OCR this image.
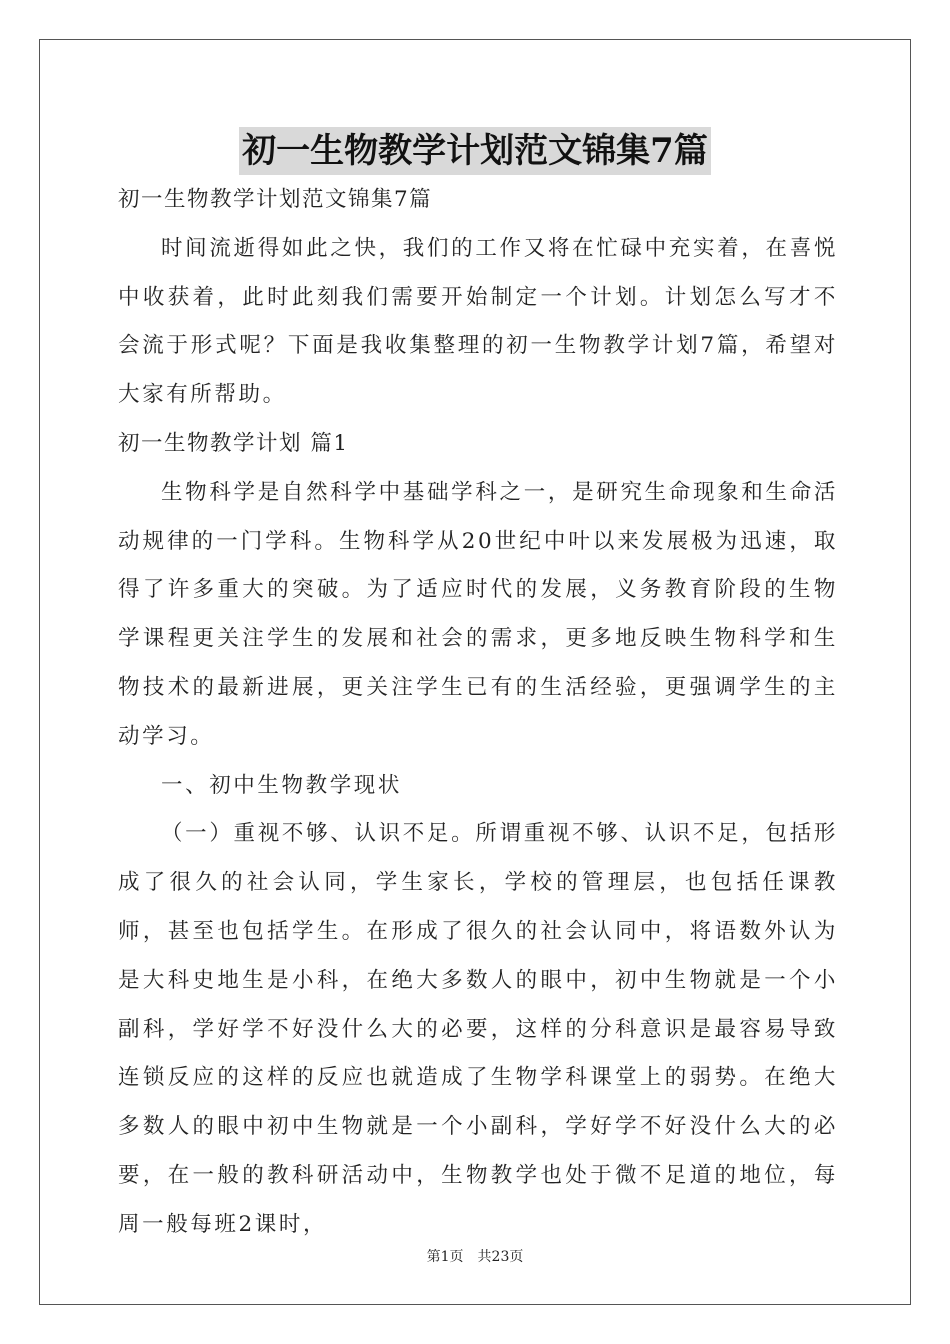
初一生物教学计划范文锦集7篇

初一生物教学计划范文锦集7篇

时间流逝得如此之快，我们的工作又将在忙碌中充实着，在喜悦中收获着，此时此刻我们需要开始制定一个计划。计划怎么写才不会流于形式呢？下面是我收集整理的初一生物教学计划7篇，希望对大家有所帮助。

初一生物教学计划 篇1

生物科学是自然科学中基础学科之一，是研究生命现象和生命活动规律的一门学科。生物科学从20世纪中叶以来发展极为迅速，取得了许多重大的突破。为了适应时代的发展，义务教育阶段的生物学课程更关注学生的发展和社会的需求，更多地反映生物科学和生物技术的最新进展，更关注学生已有的生活经验，更强调学生的主动学习。

一、初中生物教学现状

（一）重视不够、认识不足。所谓重视不够、认识不足，包括形成了很久的社会认同，学生家长，学校的管理层，也包括任课教师，甚至也包括学生。在形成了很久的社会认同中，将语数外认为是大科史地生是小科，在绝大多数人的眼中，初中生物就是一个小副科，学好学不好没什么大的必要，这样的分科意识是最容易导致连锁反应的这样的反应也就造成了生物学科课堂上的弱势。在绝大多数人的眼中初中生物就是一个小副科，学好学不好没什么大的必要，在一般的教科研活动中，生物教学也处于微不足道的地位，每周一般每班2课时，

第1页　共23页
